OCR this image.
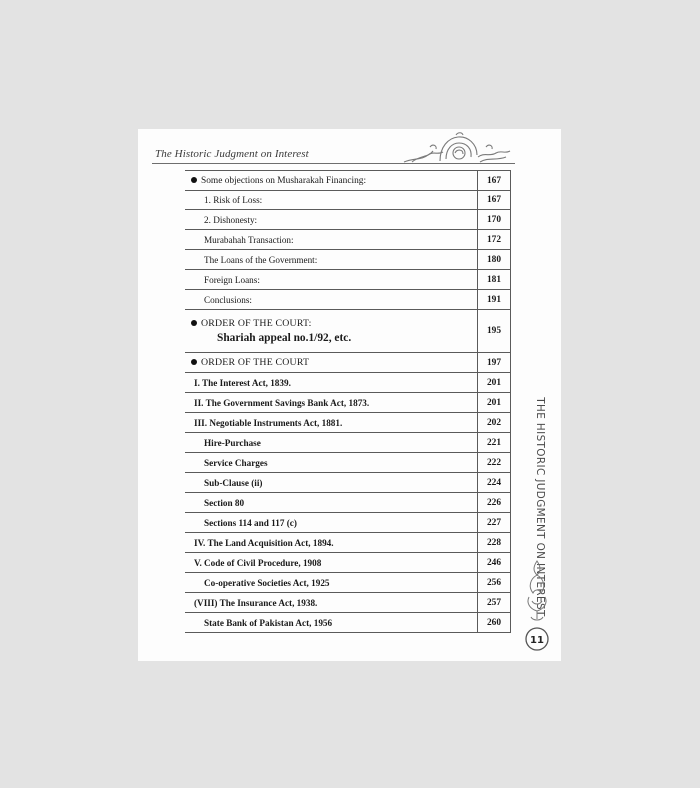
The Historic Judgment on Interest
Some objections on Musharakah Financing:	167
1. Risk of Loss:	167
2. Dishonesty:	170
Murabahah Transaction:	172
The Loans of the Government:	180
Foreign Loans:	181
Conclusions:	191
ORDER OF THE COURT:
Shariah appeal no.1/92, etc.	195
ORDER OF THE COURT	197
I. The Interest Act, 1839.	201
II. The Government Savings Bank Act, 1873.	201
III. Negotiable Instruments Act, 1881.	202
Hire-Purchase	221
Service Charges	222
Sub-Clause (ii)	224
Section 80	226
Sections 114 and 117 (c)	227
IV. The Land Acquisition Act, 1894.	228
V. Code of Civil Procedure, 1908	246
Co-operative Societies Act, 1925	256
(VIII) The Insurance Act, 1938.	257
State Bank of Pakistan Act, 1956	260
THE HISTORIC JUDGMENT ON INTEREST
11
